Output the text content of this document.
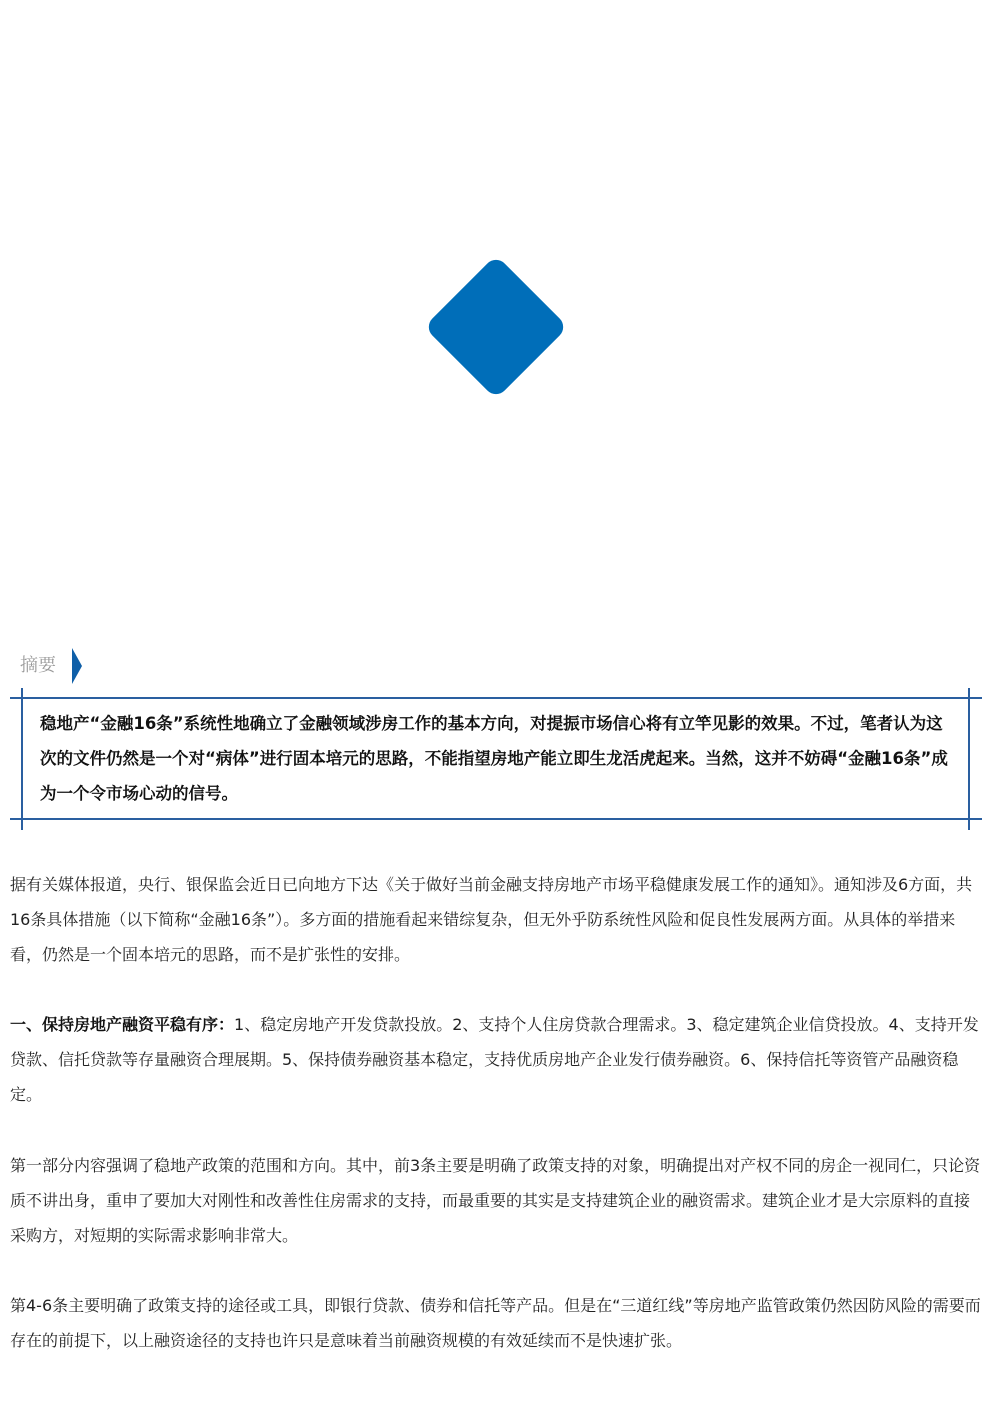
摘要
稳地产“金融16条”系统性地确立了金融领域涉房工作的基本方向，对提振市场信心将有立竿见影的效果。不过，笔者认为这次的文件仍然是一个对“病体”进行固本培元的思路，不能指望房地产能立即生龙活虎起来。当然，这并不妨碍“金融16条”成为一个令市场心动的信号。
据有关媒体报道，央行、银保监会近日已向地方下达《关于做好当前金融支持房地产市场平稳健康发展工作的通知》。通知涉及6方面，共16条具体措施（以下简称“金融16条”）。多方面的措施看起来错综复杂，但无外乎防系统性风险和促良性发展两方面。从具体的举措来看，仍然是一个固本培元的思路，而不是扩张性的安排。
一、保持房地产融资平稳有序：1、稳定房地产开发贷款投放。2、支持个人住房贷款合理需求。3、稳定建筑企业信贷投放。4、支持开发贷款、信托贷款等存量融资合理展期。5、保持债券融资基本稳定，支持优质房地产企业发行债券融资。6、保持信托等资管产品融资稳定。
第一部分内容强调了稳地产政策的范围和方向。其中，前3条主要是明确了政策支持的对象，明确提出对产权不同的房企一视同仁，只论资质不讲出身，重申了要加大对刚性和改善性住房需求的支持，而最重要的其实是支持建筑企业的融资需求。建筑企业才是大宗原料的直接采购方，对短期的实际需求影响非常大。
第4-6条主要明确了政策支持的途径或工具，即银行贷款、债券和信托等产品。但是在“三道红线”等房地产监管政策仍然因防风险的需要而存在的前提下，以上融资途径的支持也许只是意味着当前融资规模的有效延续而不是快速扩张。
